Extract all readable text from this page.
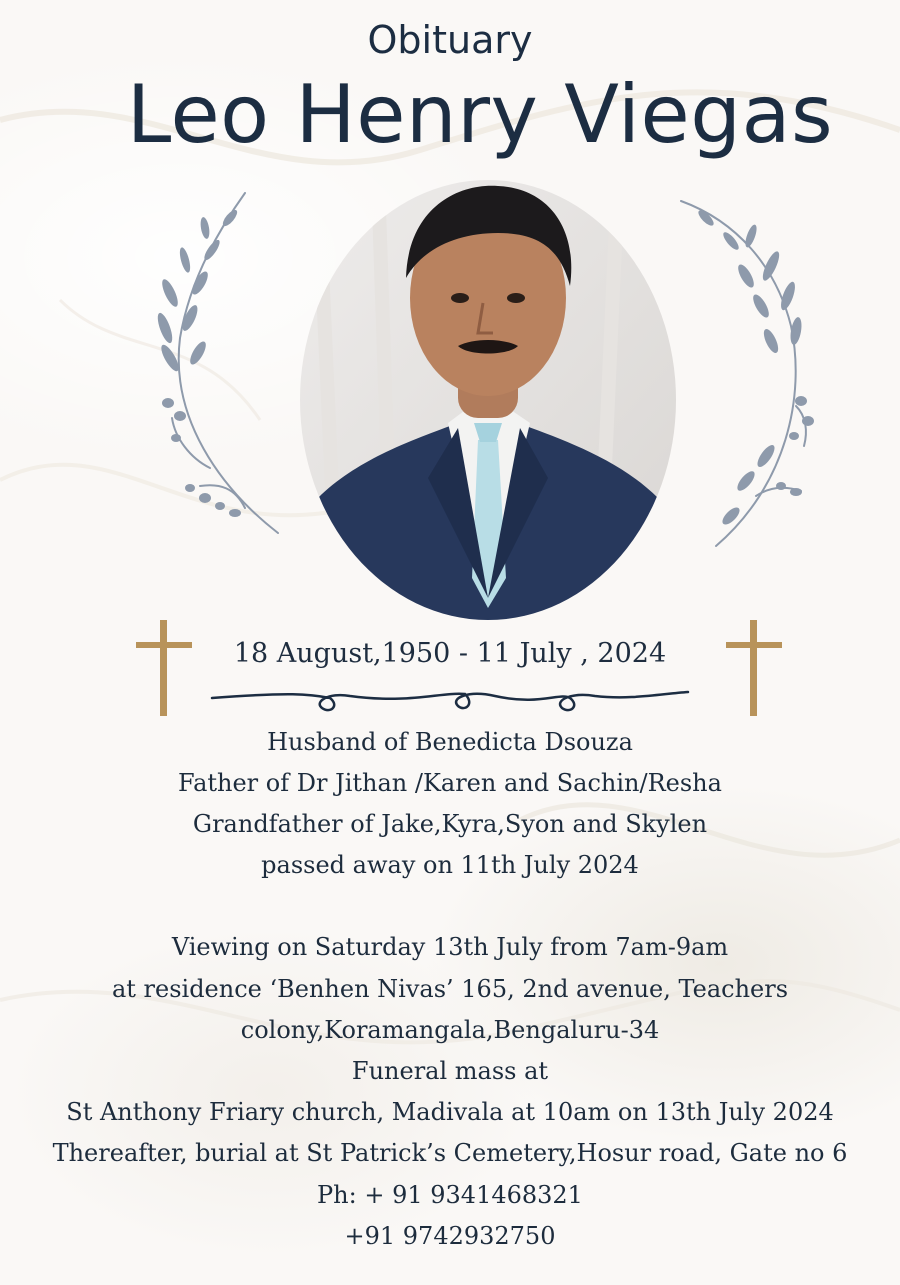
Obituary
Leo Henry Viegas
18 August,1950 - 11 July , 2024
Husband of Benedicta Dsouza
Father of Dr Jithan /Karen and Sachin/Resha
Grandfather of Jake,Kyra,Syon and Skylen
passed away on 11th July 2024
Viewing on Saturday 13th July from 7am-9am
at residence ‘Benhen Nivas’ 165, 2nd avenue, Teachers
colony,Koramangala,Bengaluru-34
Funeral mass at
St Anthony Friary church, Madivala at 10am on 13th July 2024
Thereafter, burial at St Patrick’s Cemetery,Hosur road, Gate no 6
Ph: + 91 9341468321
+91 9742932750
